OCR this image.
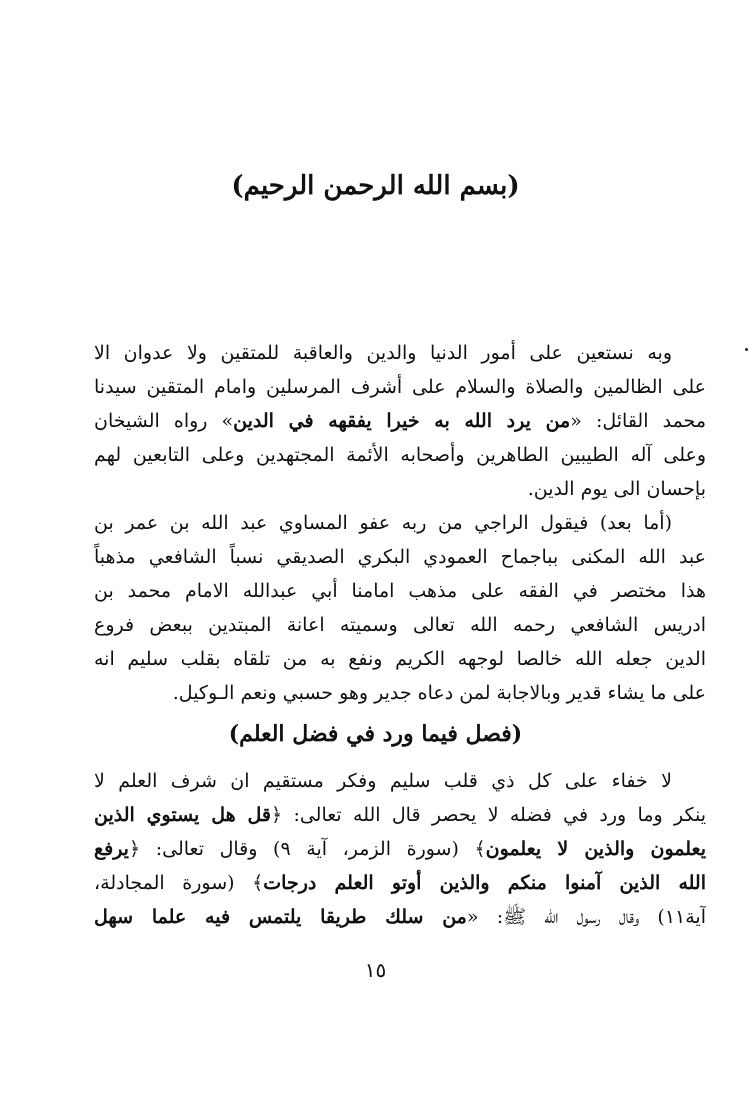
(بسم الله الرحمن الرحيم)
وبه نستعين على أمور الدنيا والدين والعاقبة للمتقين ولا عدوان الا
على الظالمين والصلاة والسلام على أشرف المرسلين وامام المتقين سيدنا
محمد القائل: «من يرد الله به خيرا يفقهه في الدين» رواه الشيخان
وعلى آله الطيبين الطاهرين وأصحابه الأئمة المجتهدين وعلى التابعين لهم
بإحسان الى يوم الدين.
(أما بعد) فيقول الراجي من ربه عفو المساوي عبد الله بن عمر بن
عبد الله المكنى بباجماح العمودي البكري الصديقي نسباً الشافعي مذهباً
هذا مختصر في الفقه على مذهب امامنا أبي عبدالله الامام محمد بن
ادريس الشافعي رحمه الله تعالى وسميته اعانة المبتدين ببعض فروع
الدين جعله الله خالصا لوجهه الكريم ونفع به من تلقاه بقلب سليم انه
على ما يشاء قدير وبالاجابة لمن دعاه جدير وهو حسبي ونعم الـوكيل.
(فصل فيما ورد في فضل العلم)
لا خفاء على كل ذي قلب سليم وفكر مستقيم ان شرف العلم لا
ينكر وما ورد في فضله لا يحصر قال الله تعالى: ﴿قل هل يستوي الذين
يعلمون والذين لا يعلمون﴾ (سورة الزمر، آية ٩) وقال تعالى: ﴿يرفع
الله الذين آمنوا منكم والذين أوتو العلم درجات﴾ (سورة المجادلة،
آية١١) وقال رسول الله ﷺ: «من سلك طريقا يلتمس فيه علما سهل
١٥
